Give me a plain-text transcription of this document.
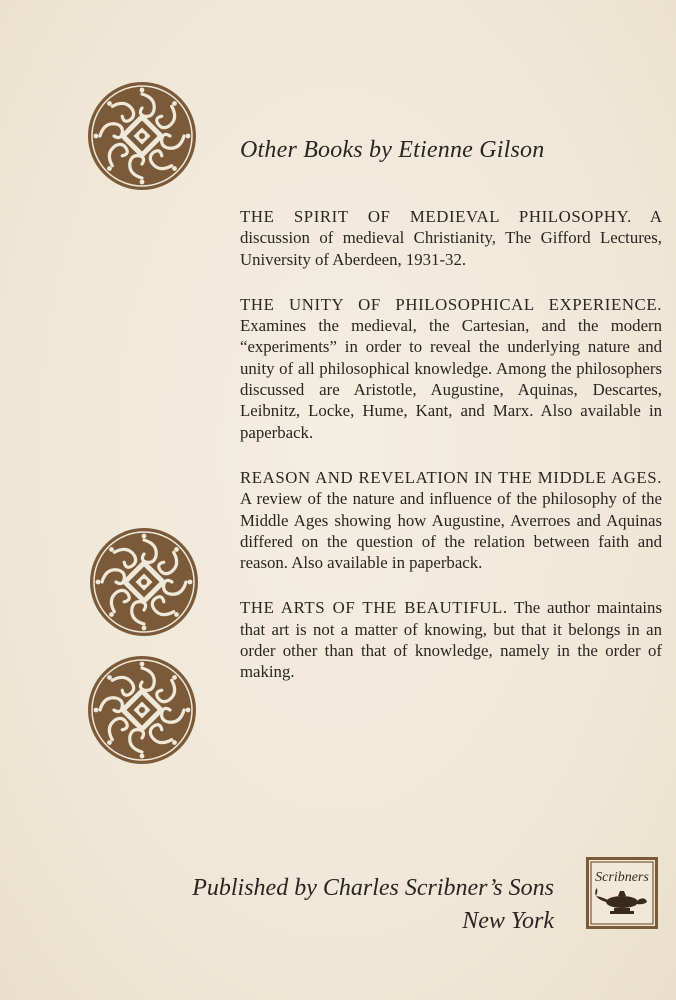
Other Books by Etienne Gilson

THE SPIRIT OF MEDIEVAL PHILOSOPHY. A discussion of medieval Christianity, The Gifford Lectures, University of Aberdeen, 1931-32.

THE UNITY OF PHILOSOPHICAL EXPERIENCE. Examines the medieval, the Cartesian, and the modern “experiments” in order to reveal the underlying nature and unity of all philosophical knowledge. Among the philosophers discussed are Aristotle, Augustine, Aquinas, Descartes, Leibnitz, Locke, Hume, Kant, and Marx. Also available in paperback.

REASON AND REVELATION IN THE MIDDLE AGES. A review of the nature and influence of the philosophy of the Middle Ages showing how Augustine, Averroes and Aquinas differed on the question of the relation between faith and reason. Also available in paperback.

THE ARTS OF THE BEAUTIFUL. The author maintains that art is not a matter of knowing, but that it belongs in an order other than that of knowledge, namely in the order of making.

Published by Charles Scribner’s Sons
New York
Scribners
